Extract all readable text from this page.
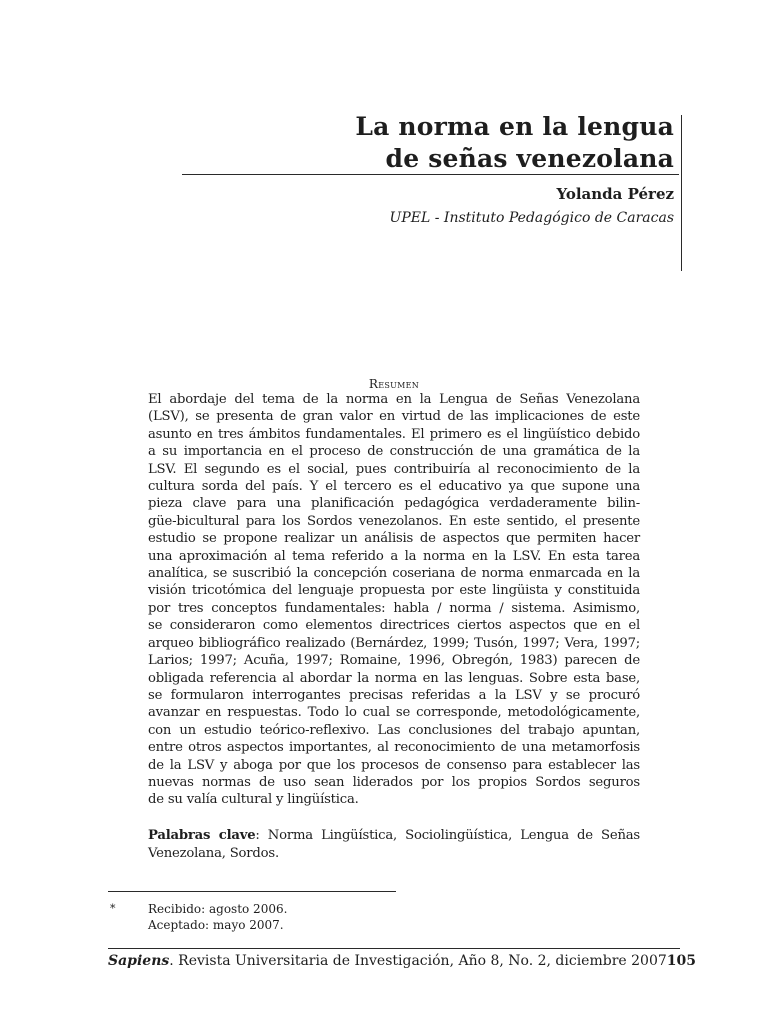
La norma en la lengua
de señas venezolana
Yolanda Pérez
UPEL - Instituto Pedagógico de Caracas
Resumen
El abordaje del tema de la norma en la Lengua de Señas Venezolana
(LSV), se presenta de gran valor en virtud de las implicaciones de este
asunto en tres ámbitos fundamentales. El primero es el lingüístico debido
a su importancia en el proceso de construcción de una gramática de la
LSV. El segundo es el social, pues contribuiría al reconocimiento de la
cultura sorda del país. Y el tercero es el educativo ya que supone una
pieza clave para una planificación pedagógica verdaderamente bilin-
güe-bicultural para los Sordos venezolanos. En este sentido, el presente
estudio se propone realizar un análisis de aspectos que permiten hacer
una aproximación al tema referido a la norma en la LSV. En esta tarea
analítica, se suscribió la concepción coseriana de norma enmarcada en la
visión tricotómica del lenguaje propuesta por este lingüista y constituida
por tres conceptos fundamentales: habla / norma / sistema. Asimismo,
se consideraron como elementos directrices ciertos aspectos que en el
arqueo bibliográfico realizado (Bernárdez, 1999; Tusón, 1997; Vera, 1997;
Larios; 1997; Acuña, 1997; Romaine, 1996, Obregón, 1983) parecen de
obligada referencia al abordar la norma en las lenguas. Sobre esta base,
se formularon interrogantes precisas referidas a la LSV y se procuró
avanzar en respuestas. Todo lo cual se corresponde, metodológicamente,
con un estudio teórico-reflexivo. Las conclusiones del trabajo apuntan,
entre otros aspectos importantes, al reconocimiento de una metamorfosis
de la LSV y aboga por que los procesos de consenso para establecer las
nuevas normas de uso sean liderados por los propios Sordos seguros
de su valía cultural y lingüística.
Palabras clave: Norma Lingüística, Sociolingüística, Lengua de Señas
Venezolana, Sordos.
*	Recibido: agosto 2006.
Aceptado: mayo 2007.
Sapiens. Revista Universitaria de Investigación, Año 8, No. 2, diciembre 2007 105
